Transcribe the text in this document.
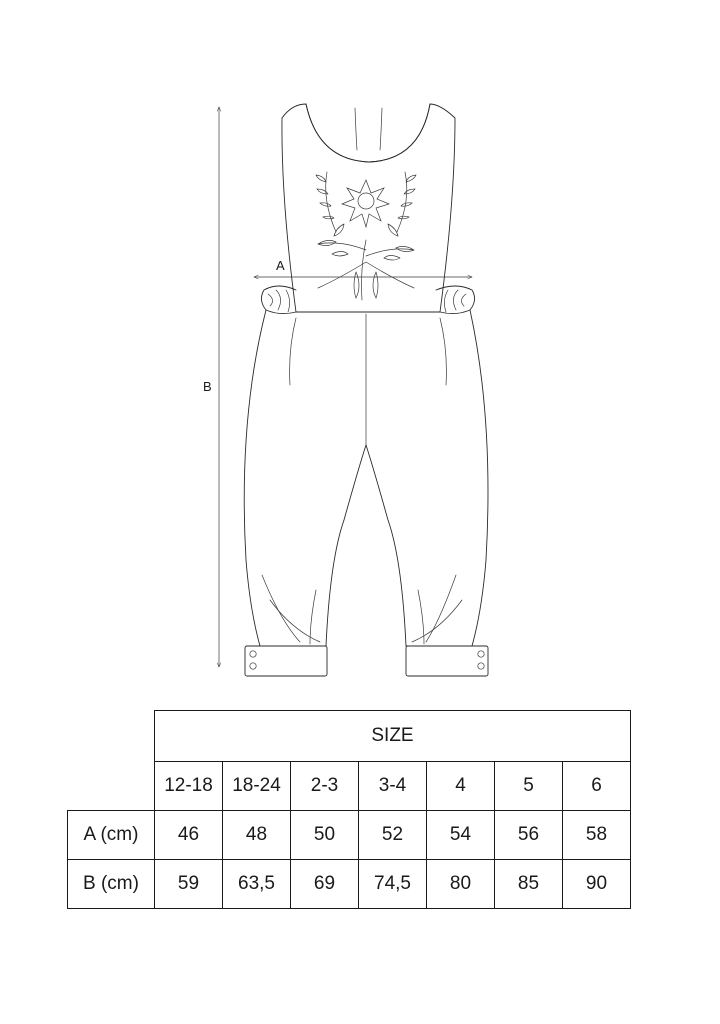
B
A
	SIZE						
	12-18	18-24	2-3	3-4	4	5	6
A (cm)	46	48	50	52	54	56	58
B (cm)	59	63,5	69	74,5	80	85	90
